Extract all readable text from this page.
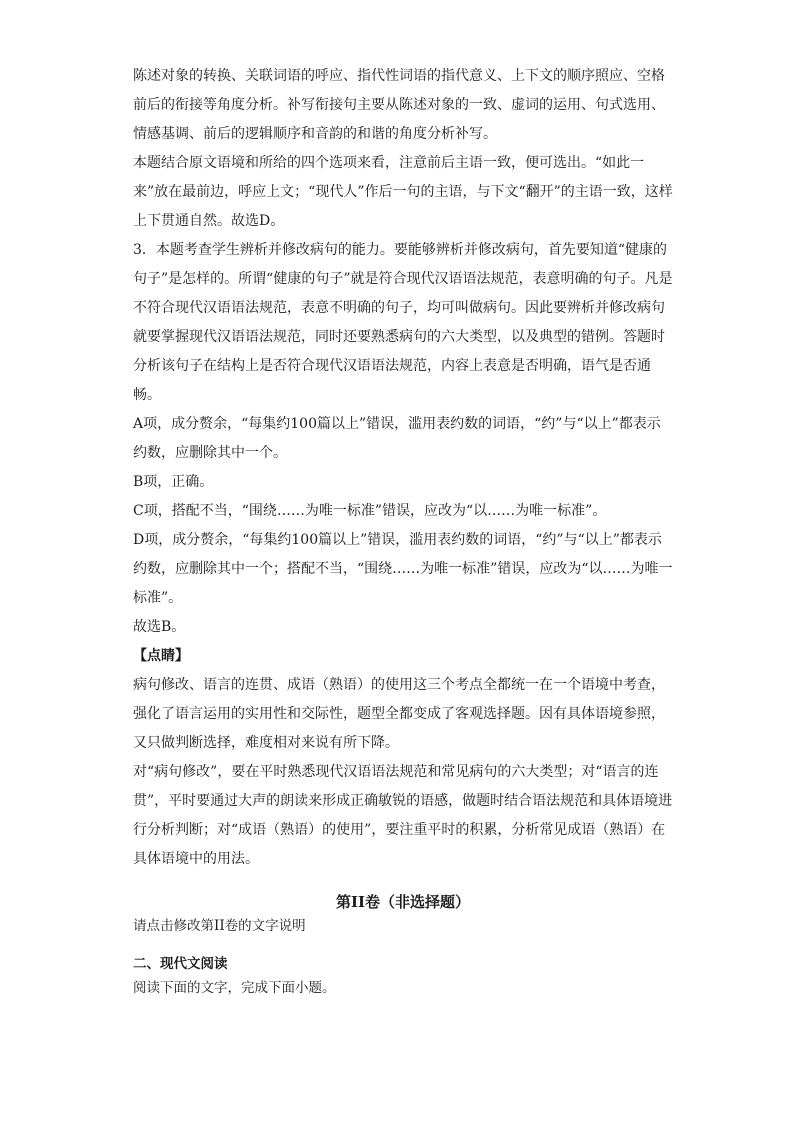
陈述对象的转换、关联词语的呼应、指代性词语的指代意义、上下文的顺序照应、空格前后的衔接等角度分析。补写衔接句主要从陈述对象的一致、虚词的运用、句式选用、情感基调、前后的逻辑顺序和音韵的和谐的角度分析补写。

本题结合原文语境和所给的四个选项来看，注意前后主语一致，便可选出。“如此一来”放在最前边，呼应上文；“现代人”作后一句的主语，与下文“翻开”的主语一致，这样上下贯通自然。故选D。

3．本题考查学生辨析并修改病句的能力。要能够辨析并修改病句，首先要知道“健康的句子”是怎样的。所谓“健康的句子”就是符合现代汉语语法规范，表意明确的句子。凡是不符合现代汉语语法规范，表意不明确的句子，均可叫做病句。因此要辨析并修改病句就要掌握现代汉语语法规范，同时还要熟悉病句的六大类型，以及典型的错例。答题时分析该句子在结构上是否符合现代汉语语法规范，内容上表意是否明确，语气是否通畅。

A项，成分赘余，“每集约100篇以上”错误，滥用表约数的词语，“约”与“以上”都表示约数，应删除其中一个。

B项，正确。

C项，搭配不当，“围绕……为唯一标准”错误，应改为“以……为唯一标准”。

D项，成分赘余，“每集约100篇以上”错误，滥用表约数的词语，“约”与“以上”都表示约数，应删除其中一个；搭配不当，“围绕……为唯一标准”错误，应改为“以……为唯一标准”。

故选B。

【点睛】

病句修改、语言的连贯、成语（熟语）的使用这三个考点全都统一在一个语境中考查，强化了语言运用的实用性和交际性，题型全都变成了客观选择题。因有具体语境参照，又只做判断选择，难度相对来说有所下降。

对“病句修改”，要在平时熟悉现代汉语语法规范和常见病句的六大类型；对“语言的连贯”，平时要通过大声的朗读来形成正确敏锐的语感，做题时结合语法规范和具体语境进行分析判断；对“成语（熟语）的使用”，要注重平时的积累，分析常见成语（熟语）在具体语境中的用法。

第II卷（非选择题）

请点击修改第II卷的文字说明

二、现代文阅读

阅读下面的文字，完成下面小题。
